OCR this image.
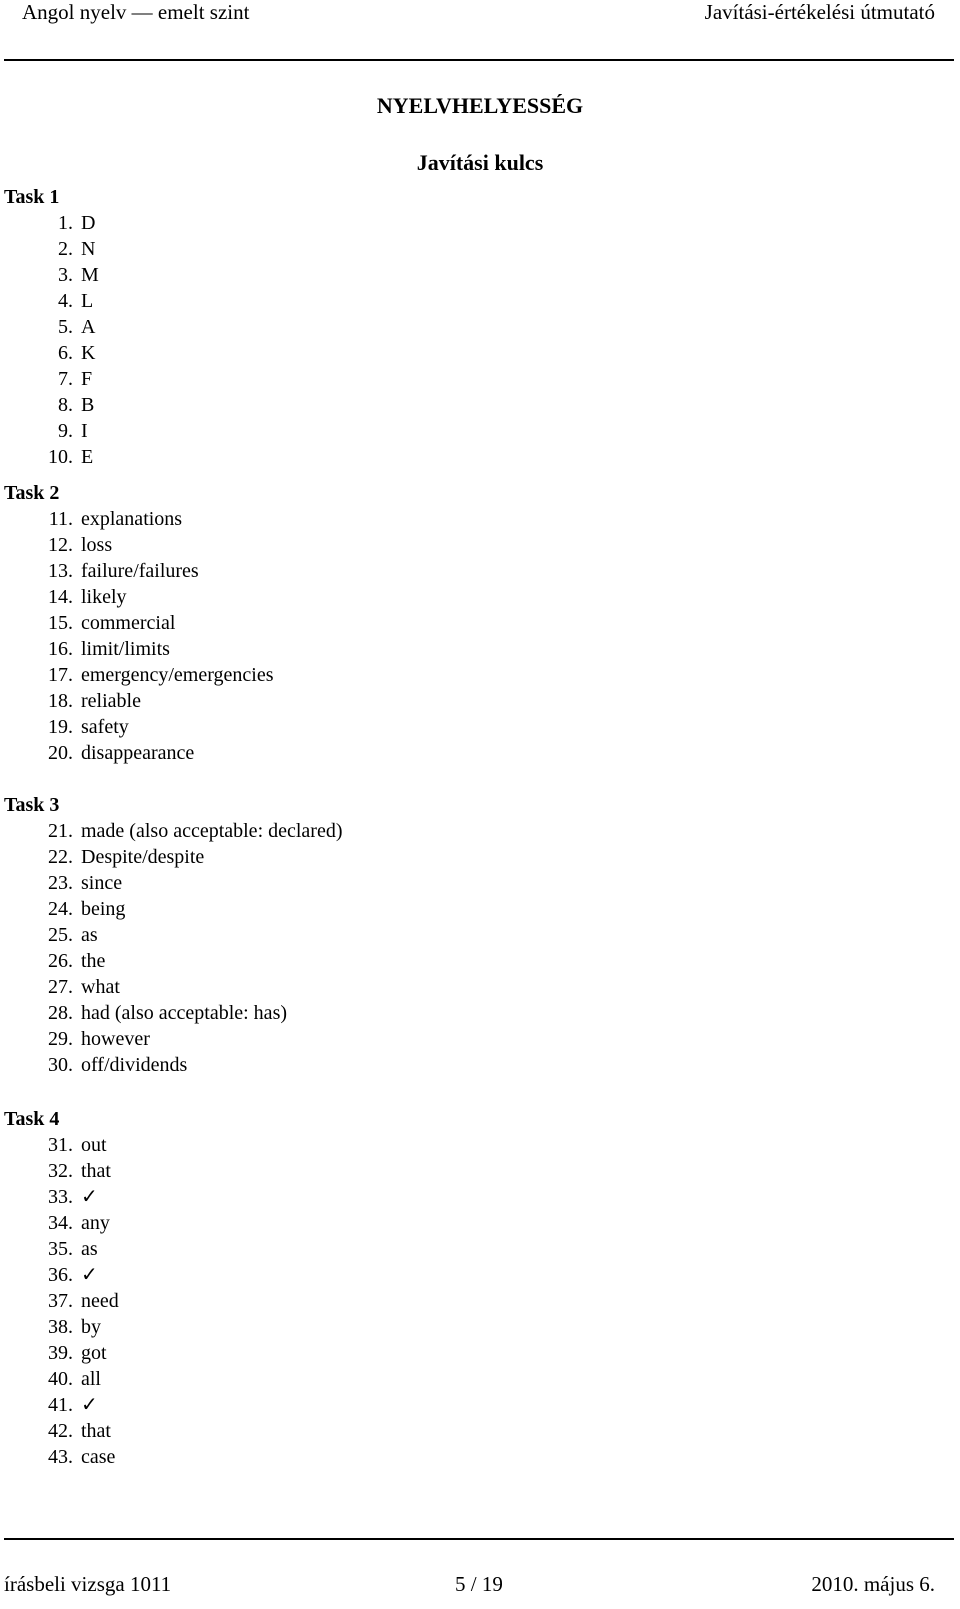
Angol nyelv — emelt szint	Javítási-értékelési útmutató
NYELVHELYESSÉG
Javítási kulcs
Task 1
1. D
2. N
3. M
4. L
5. A
6. K
7. F
8. B
9. I
10. E
Task 2
11. explanations
12. loss
13. failure/failures
14. likely
15. commercial
16. limit/limits
17. emergency/emergencies
18. reliable
19. safety
20. disappearance
Task 3
21. made (also acceptable: declared)
22. Despite/despite
23. since
24. being
25. as
26. the
27. what
28. had (also acceptable: has)
29. however
30. off/dividends
Task 4
31. out
32. that
33. ✓
34. any
35. as
36. ✓
37. need
38. by
39. got
40. all
41. ✓
42. that
43. case
írásbeli vizsga 1011	5 / 19	2010. május 6.
